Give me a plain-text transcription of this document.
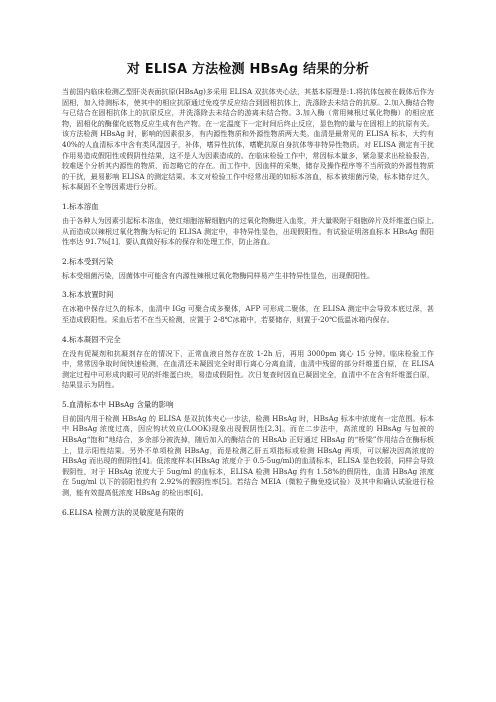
对 ELISA 方法检测 HBsAg 结果的分析

当前国内临床检测乙型肝炎表面抗原(HBsAg)多采用 ELISA 双抗体夹心法，其基本原理是:1.将抗体包被在载体后作为固相，加入待测标本，使其中的相应抗原通过免疫学反应结合到固相抗体上，洗涤除去未结合的抗原。2.加入酶结合物与已结合在固相抗体上的抗原反应，并洗涤除去未结合的游离未结合物。3.加入酶（常用辣根过氧化物酶）的相应底物，固相化的酶催化底物反应生成有色产物。在一定温度下一定时间后终止反应，显色物的量与在固相上的抗原有关。该方法检测 HBsAg 时，影响的因素很多，有内源性物质和外源性物质两大类。血清是最常见的 ELISA 标本，大约有 40%的人血清标本中含有类风湿因子，补体，嗜异性抗体，嗜靶抗原自身抗体等非特异性物质。对 ELISA 测定有干扰作用易造成假阳性或假阴性结果，这不是人为因素造成的。在临床检验工作中，常因标本量多，紧急要求出检验报告，较难逐个分析其内源性的物质，而忽略它的存在。而工作中，因血样的采集，储存及操作程序等不当所致的外源性物质的干扰，最易影响 ELISA 的测定结果。本文对检验工作中经常出现的如标本溶血，标本被细菌污染，标本储存过久，标本凝固不全等因素进行分析。

1.标本溶血

由于各种人为因素引起标本溶血，使红细胞溶解细胞内的过氧化物酶进入血浆，并大量吸附于细胞碎片及纤维蛋白原上,从而造成以辣根过氧化物酶为标记的 ELISA 测定中，非特异性显色，出现假阳性。有试验证明溶血标本 HBsAg 假阳性率达 91.7%[1]．要认真做好标本的保存和处理工作，防止溶血。

2.标本受到污染

标本受细菌污染，因菌体中可能含有内源性辣根过氧化物酶同样易产生非特异性显色，出现假阳性。

3.标本放置时间

在冰箱中保存过久的标本，血清中 IGg 可聚合成多聚体，AFP 可形成二聚体，在 ELISA 测定中会导致本底过深，甚至造成假阳性。采血后若不在当天检测，应置于 2-8℃冰箱中，若要储存，则置于-20℃低温冰箱内保存。

4.标本凝固不完全

在没有促凝剂和抗凝剂存在的情况下，正常血液自然存在放 1-2h 后，再用 3000pm 离心 15 分钟。临床检验工作中，常常因争取时间快速检测，在血清还未凝固完全时即行离心分离血清，血清中残留的部分纤维蛋白原，在 ELISA 测定过程中可形成肉眼可见的纤维蛋白块，易造成假阳性。次日复查时因血已凝固完全，血清中不在含有纤维蛋白原，结果显示为阴性。

5.血清标本中 HBsAg 含量的影响

目前国内用于检测 HBsAg 的 ELISA 是双抗体夹心一步法，检测 HBsAg 时，HBsAg 标本中浓度有一定范围。标本中 HBsAg 浓度过高，因应钩状效应(LOOK)现象出现假阴性[2,3]。而在二步法中，高浓度的 HBsAg 与包被的 HBsAg“饱和”地结合，多余部分被洗掉，随后加入的酶结合的 HBsAb 正好通过 HBsAg 的“桥梁”作用结合在酶标板上，显示阳性结果。另外不单项检测 HBsAg，而是检测乙肝五项指标或检测 HBsAg 两项，可以解决因高浓度的 HBsAg 而出现的假阴性[4]。低浓度样本(HBsAg 浓度介于 0.5-5ug/ml)的血清标本，ELISA 显色较弱，同样会导致假阴性，对于 HBsAg 浓度大于 5ug/ml 的血标本，ELISA 检测 HBsAg 约有 1.58%的假阴性，血清 HBsAg 浓度在 5ug/ml 以下的弱阳性约有 2.92%的假阴性率[5]。若结合 MEIA（微粒子酶免疫试验）及其中和确认试验进行检测，能有效提高低浓度 HBsAg 的检出率[6]。

6.ELISA 检测方法的灵敏度是有限的
